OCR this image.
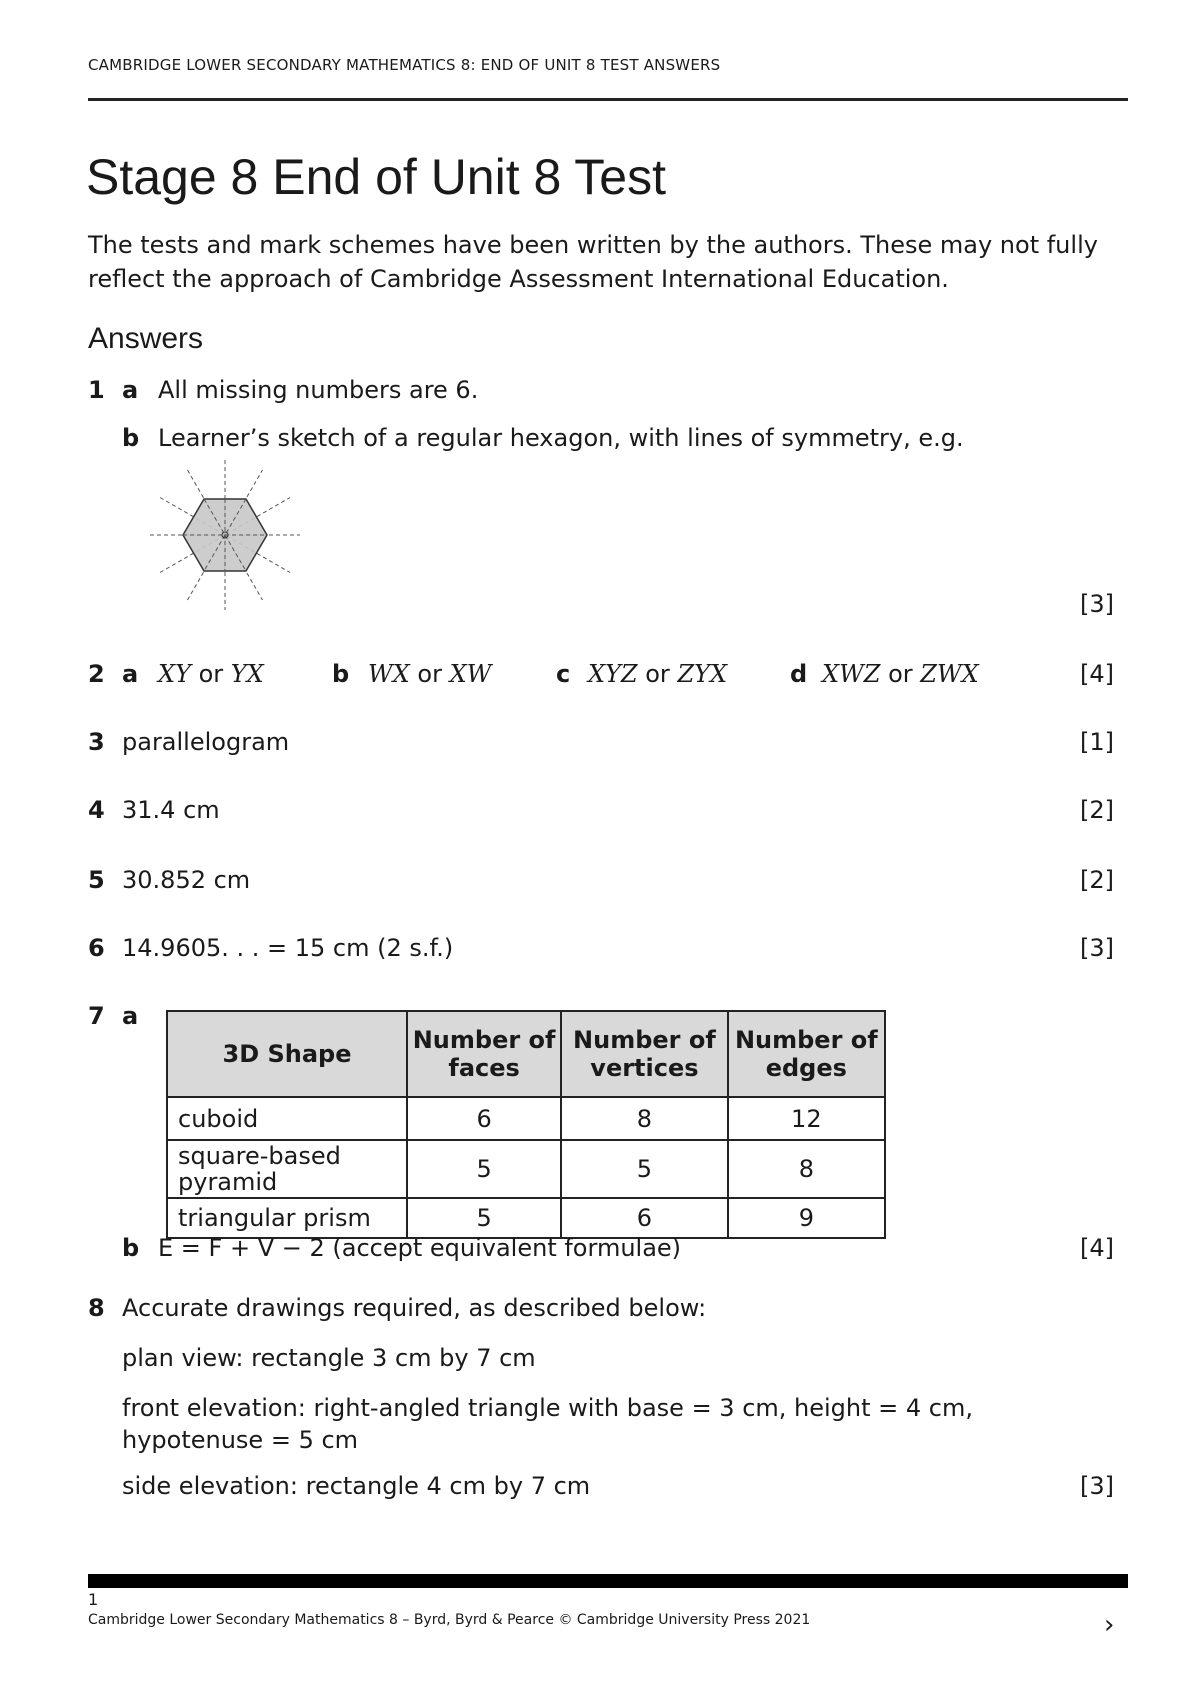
CAMBRIDGE LOWER SECONDARY MATHEMATICS 8: END OF UNIT 8 TEST ANSWERS
Stage 8 End of Unit 8 Test
The tests and mark schemes have been written by the authors. These may not fully reflect the approach of Cambridge Assessment International Education.
Answers
1 a All missing numbers are 6.
b Learner’s sketch of a regular hexagon, with lines of symmetry, e.g.
[3]
2 a XY or YX	b WX or XW	c XYZ or ZYX	d XWZ or ZWX	[4]
3 parallelogram	[1]
4 31.4 cm	[2]
5 30.852 cm	[2]
6 14.9605. . . = 15 cm (2 s.f.)	[3]
7 a
3D Shape	Number of faces	Number of vertices	Number of edges
cuboid	6	8	12
square-based pyramid	5	5	8
triangular prism	5	6	9
b E = F + V − 2 (accept equivalent formulae)	[4]
8 Accurate drawings required, as described below:
plan view: rectangle 3 cm by 7 cm
front elevation: right-angled triangle with base = 3 cm, height = 4 cm, hypotenuse = 5 cm
side elevation: rectangle 4 cm by 7 cm	[3]
1
Cambridge Lower Secondary Mathematics 8 – Byrd, Byrd & Pearce © Cambridge University Press 2021	›
